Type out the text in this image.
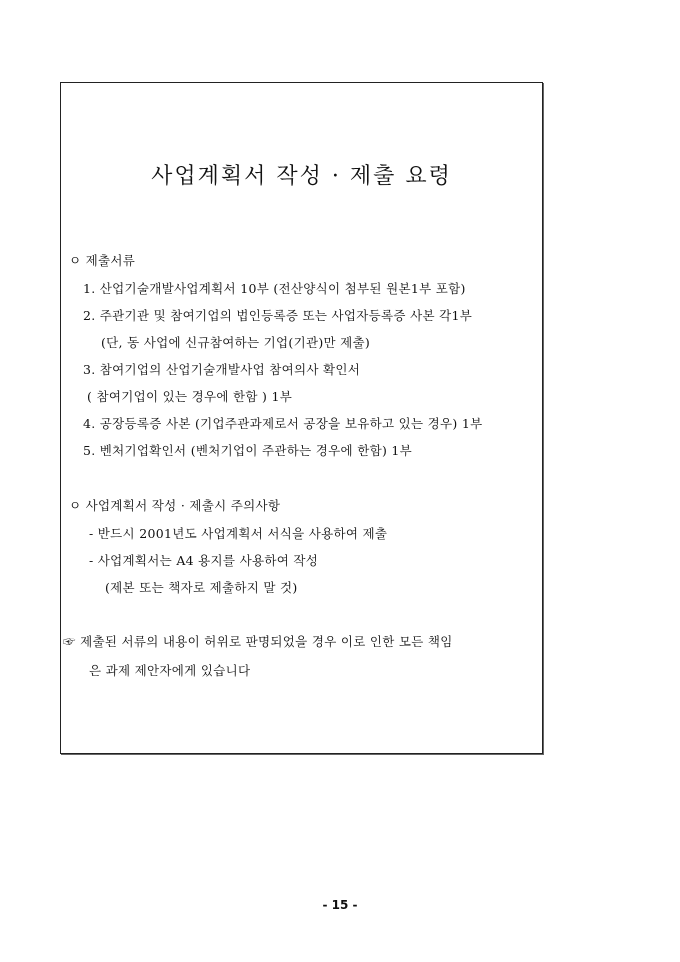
사업계획서 작성 · 제출 요령
ㅇ 제출서류
1. 산업기술개발사업계획서 10부 (전산양식이 첨부된 원본1부 포함)
2. 주관기관 및 참여기업의 법인등록증 또는 사업자등록증 사본 각1부
(단, 동 사업에 신규참여하는 기업(기관)만 제출)
3. 참여기업의 산업기술개발사업 참여의사 확인서
( 참여기업이 있는 경우에 한함 ) 1부
4. 공장등록증 사본 (기업주관과제로서 공장을 보유하고 있는 경우) 1부
5. 벤처기업확인서 (벤처기업이 주관하는 경우에 한함) 1부
ㅇ 사업계획서 작성 · 제출시 주의사항
- 반드시 2001년도 사업계획서 서식을 사용하여 제출
- 사업계획서는 A4 용지를 사용하여 작성
(제본 또는 책자로 제출하지 말 것)
☞ 제출된 서류의 내용이 허위로 판명되었을 경우 이로 인한 모든 책임
은 과제 제안자에게 있습니다
- 15 -
